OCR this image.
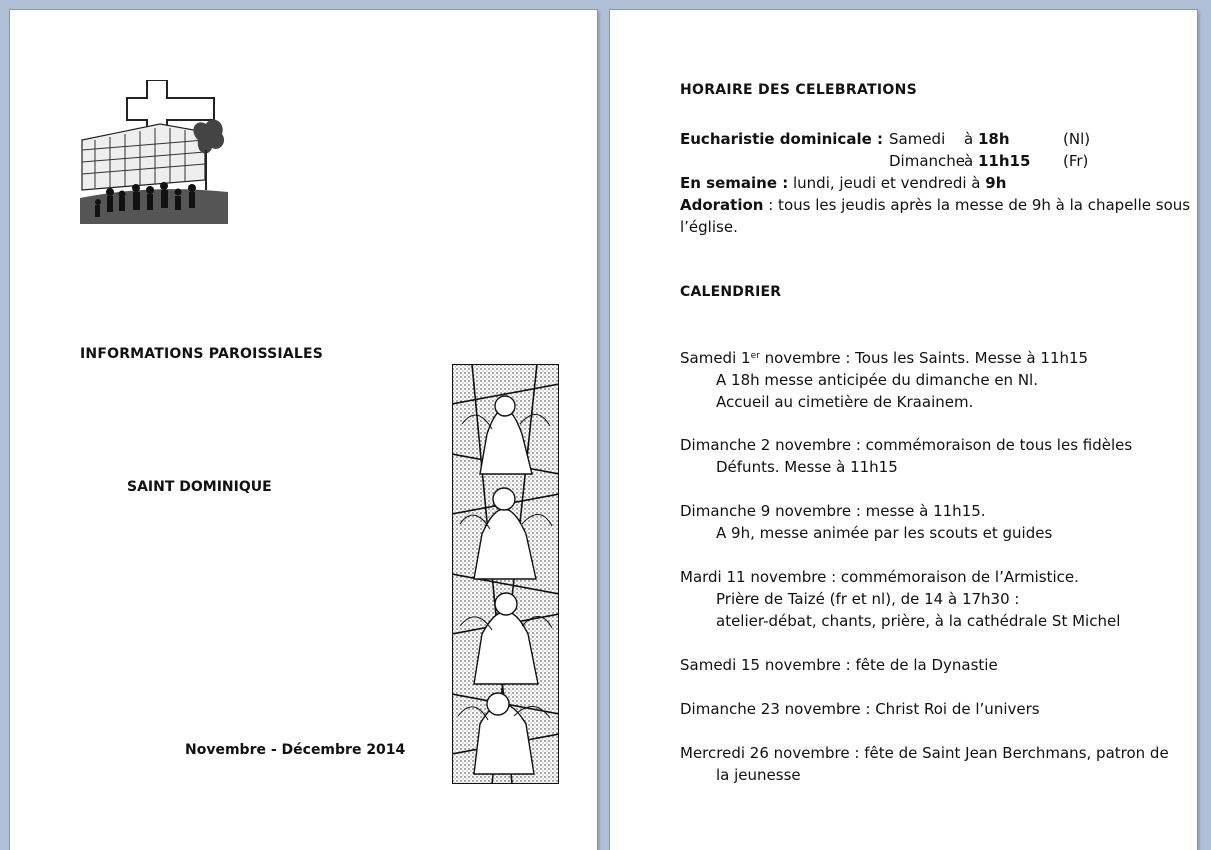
INFORMATIONS PAROISSIALES
SAINT DOMINIQUE
Novembre - Décembre 2014
HORAIRE DES CELEBRATIONS
Eucharistie dominicale : Samedi à 18h	(Nl)
Dimanche
à 11h15 (Fr)
En semaine : lundi, jeudi et vendredi à 9h
Adoration : tous les jeudis après la messe de 9h à la chapelle sous
l’église.
CALENDRIER
Samedi 1er novembre : Tous les Saints. Messe à 11h15
A 18h messe anticipée du dimanche en Nl.
Accueil au cimetière de Kraainem.
Dimanche 2 novembre : commémoraison de tous les fidèles
Défunts. Messe à 11h15
Dimanche 9 novembre : messe à 11h15.
A 9h, messe animée par les scouts et guides
Mardi 11 novembre : commémoraison de l’Armistice.
Prière de Taizé (fr et nl), de 14 à 17h30 :
atelier-débat, chants, prière, à la cathédrale St Michel
Samedi 15 novembre : fête de la Dynastie
Dimanche 23 novembre : Christ Roi de l’univers
Mercredi 26 novembre : fête de Saint Jean Berchmans, patron de
la jeunesse
